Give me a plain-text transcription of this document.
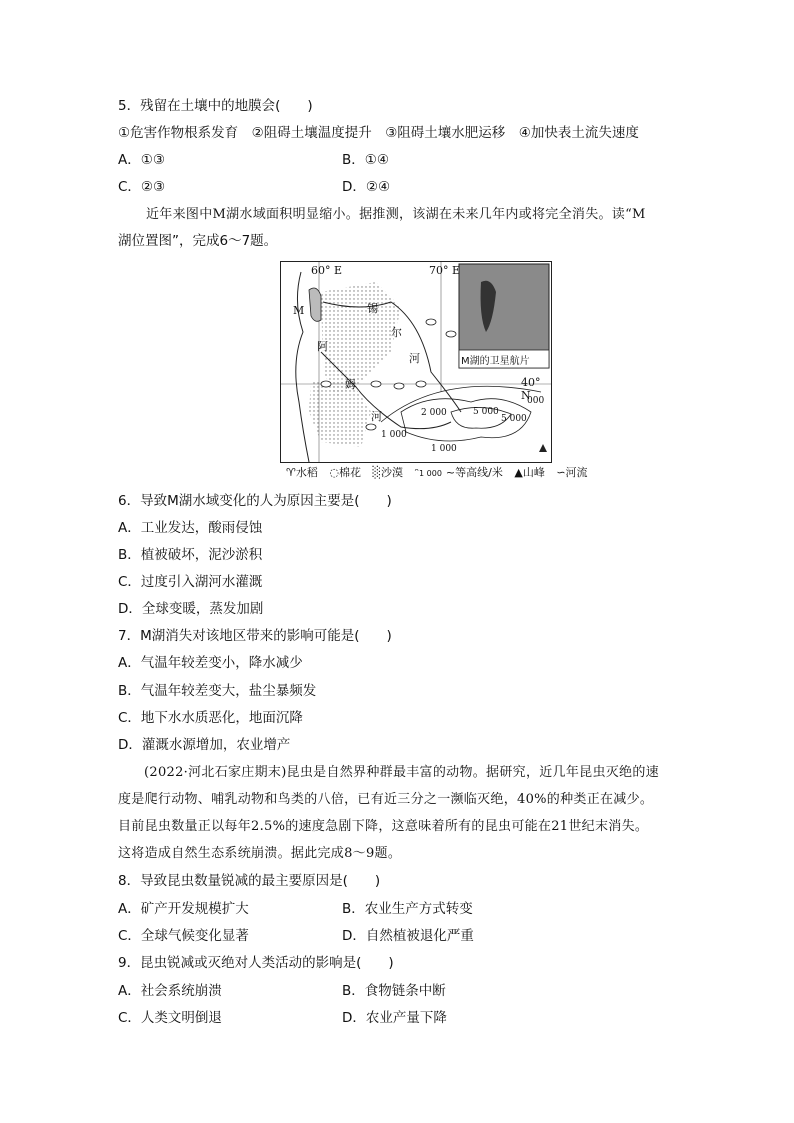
5．残留在土壤中的地膜会(　　)
①危害作物根系发育　②阻碍土壤温度提升　③阻碍土壤水肥运移　④加快表土流失速度
A．①③	B．①④
C．②③	D．②④
近年来图中M湖水域面积明显缩小。据推测，该湖在未来几年内或将完全消失。读“M
湖位置图”，完成6～7题。
60° E	70° E
40° N
M	锡
尔
河
阿
姆
河	2 000	5 000
5 000
1 000
000
1 000
M湖的卫星航片
♈水稻 ◌棉花 ░沙漠 ᵔ1 000 ~等高线/米 ▲山峰 ∽河流
6．导致M湖水域变化的人为原因主要是(　　)
A．工业发达，酸雨侵蚀
B．植被破坏，泥沙淤积
C．过度引入湖河水灌溉
D．全球变暖，蒸发加剧
7．M湖消失对该地区带来的影响可能是(　　)
A．气温年较差变小，降水减少
B．气温年较差变大，盐尘暴频发
C．地下水水质恶化，地面沉降
D．灌溉水源增加，农业增产
(2022·河北石家庄期末)昆虫是自然界种群最丰富的动物。据研究，近几年昆虫灭绝的速
度是爬行动物、哺乳动物和鸟类的八倍，已有近三分之一濒临灭绝，40%的种类正在减少。
目前昆虫数量正以每年2.5%的速度急剧下降，这意味着所有的昆虫可能在21世纪末消失。
这将造成自然生态系统崩溃。据此完成8～9题。
8．导致昆虫数量锐减的最主要原因是(　　)
A．矿产开发规模扩大	B．农业生产方式转变
C．全球气候变化显著	D．自然植被退化严重
9．昆虫锐减或灭绝对人类活动的影响是(　　)
A．社会系统崩溃	B．食物链条中断
C．人类文明倒退	D．农业产量下降
